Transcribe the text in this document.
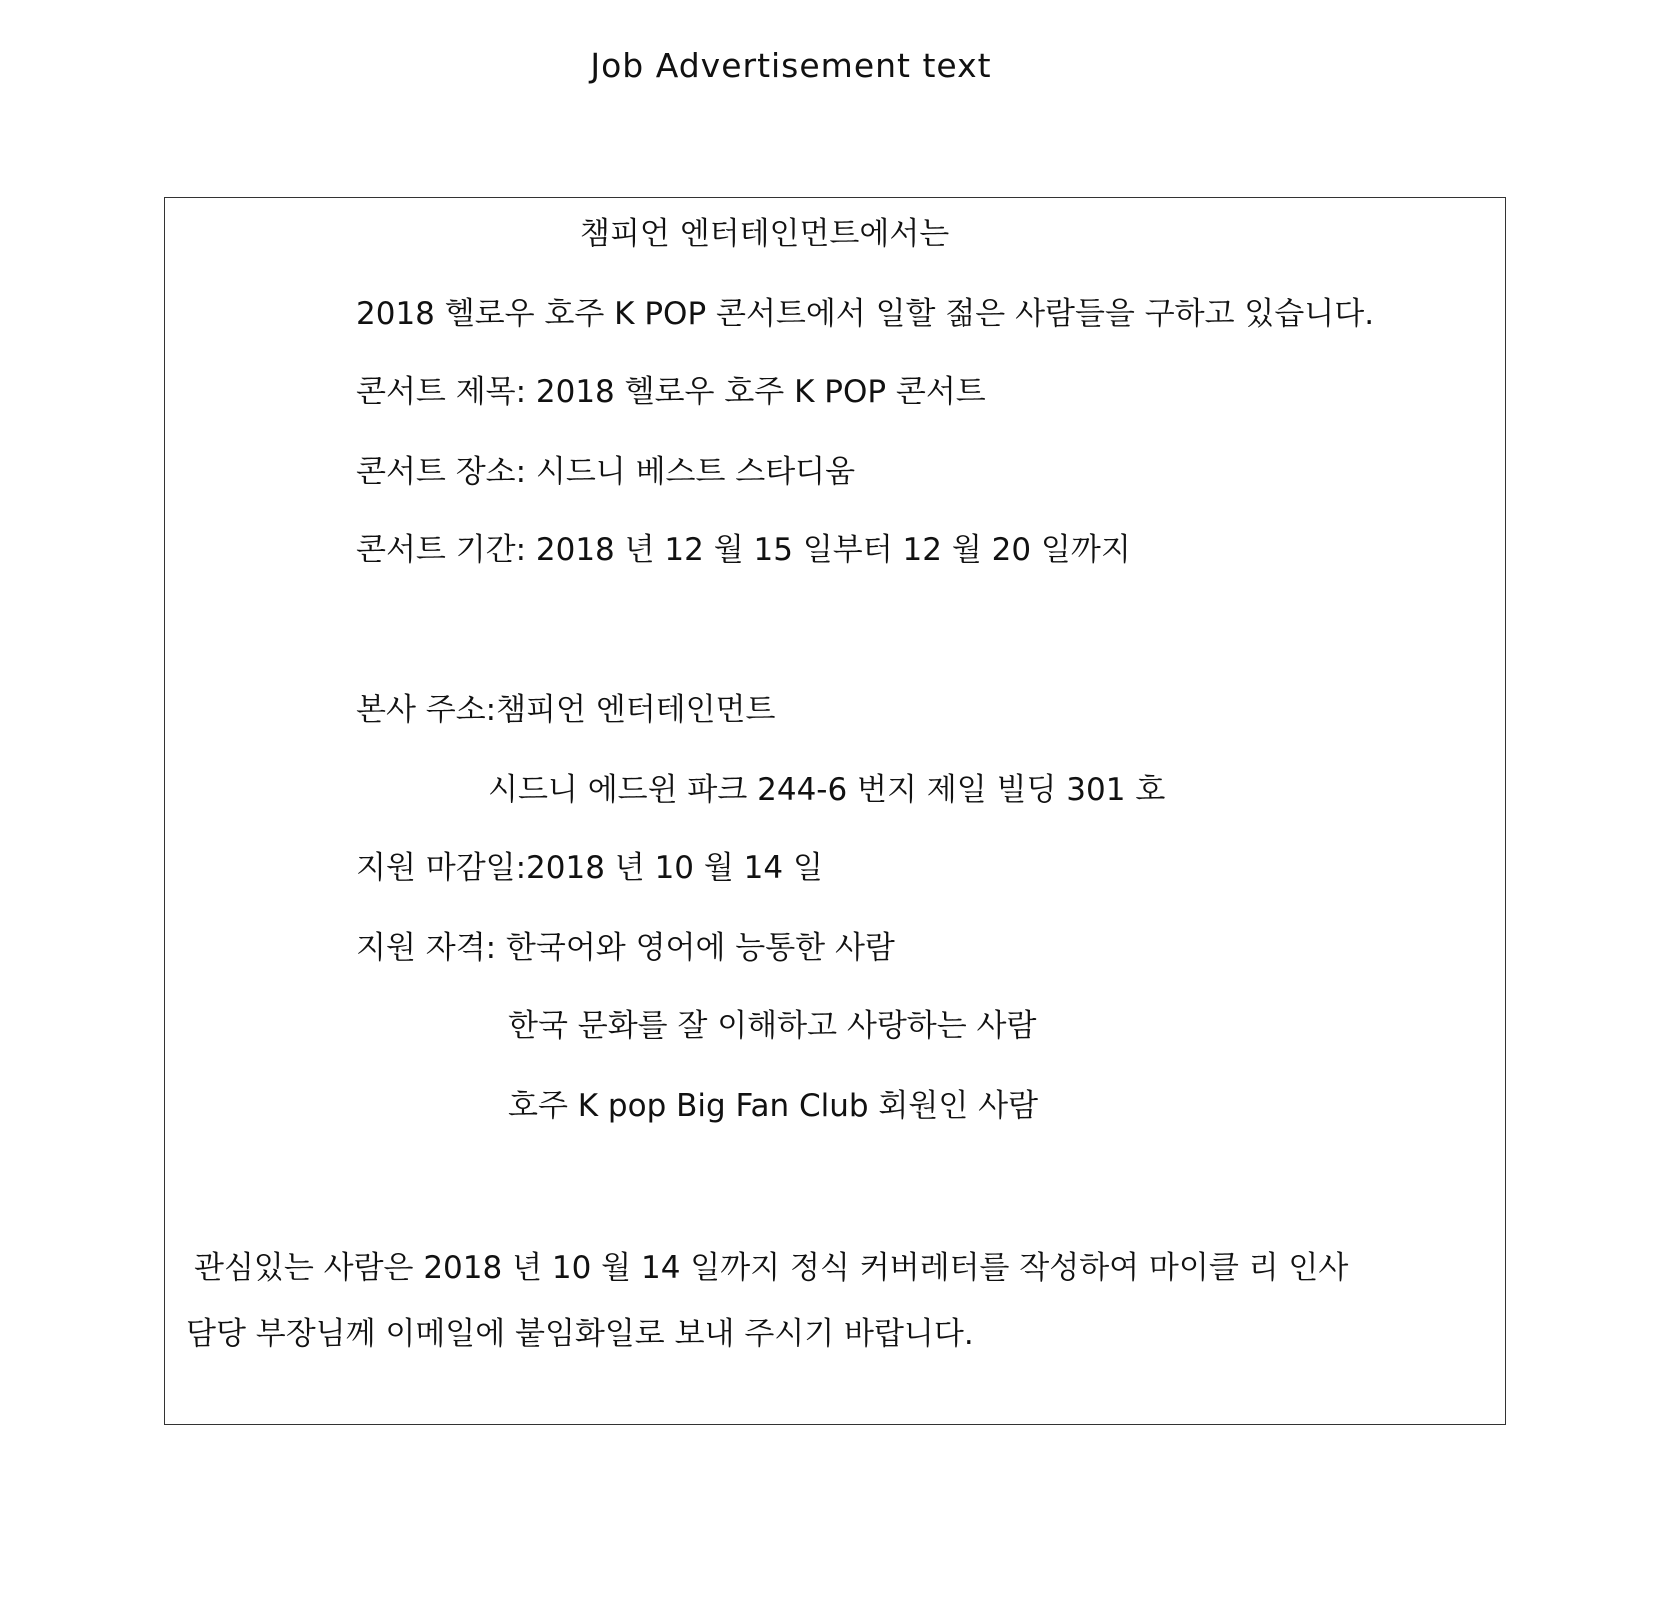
Job Advertisement text
챔피언 엔터테인먼트에서는
2018 헬로우 호주 K POP 콘서트에서 일할 젊은 사람들을 구하고 있습니다.
콘서트 제목: 2018 헬로우 호주 K POP 콘서트
콘서트 장소: 시드니 베스트 스타디움
콘서트 기간: 2018 년 12 월 15 일부터 12 월 20 일까지
본사 주소:챔피언 엔터테인먼트
시드니 에드윈 파크 244-6 번지 제일 빌딩 301 호
지원 마감일:2018 년 10 월 14 일
지원 자격: 한국어와 영어에 능통한 사람
한국 문화를 잘 이해하고 사랑하는 사람
호주 K pop Big Fan Club 회원인 사람
관심있는 사람은 2018 년 10 월 14 일까지 정식 커버레터를 작성하여 마이클 리 인사
담당 부장님께 이메일에 붙임화일로 보내 주시기 바랍니다.
